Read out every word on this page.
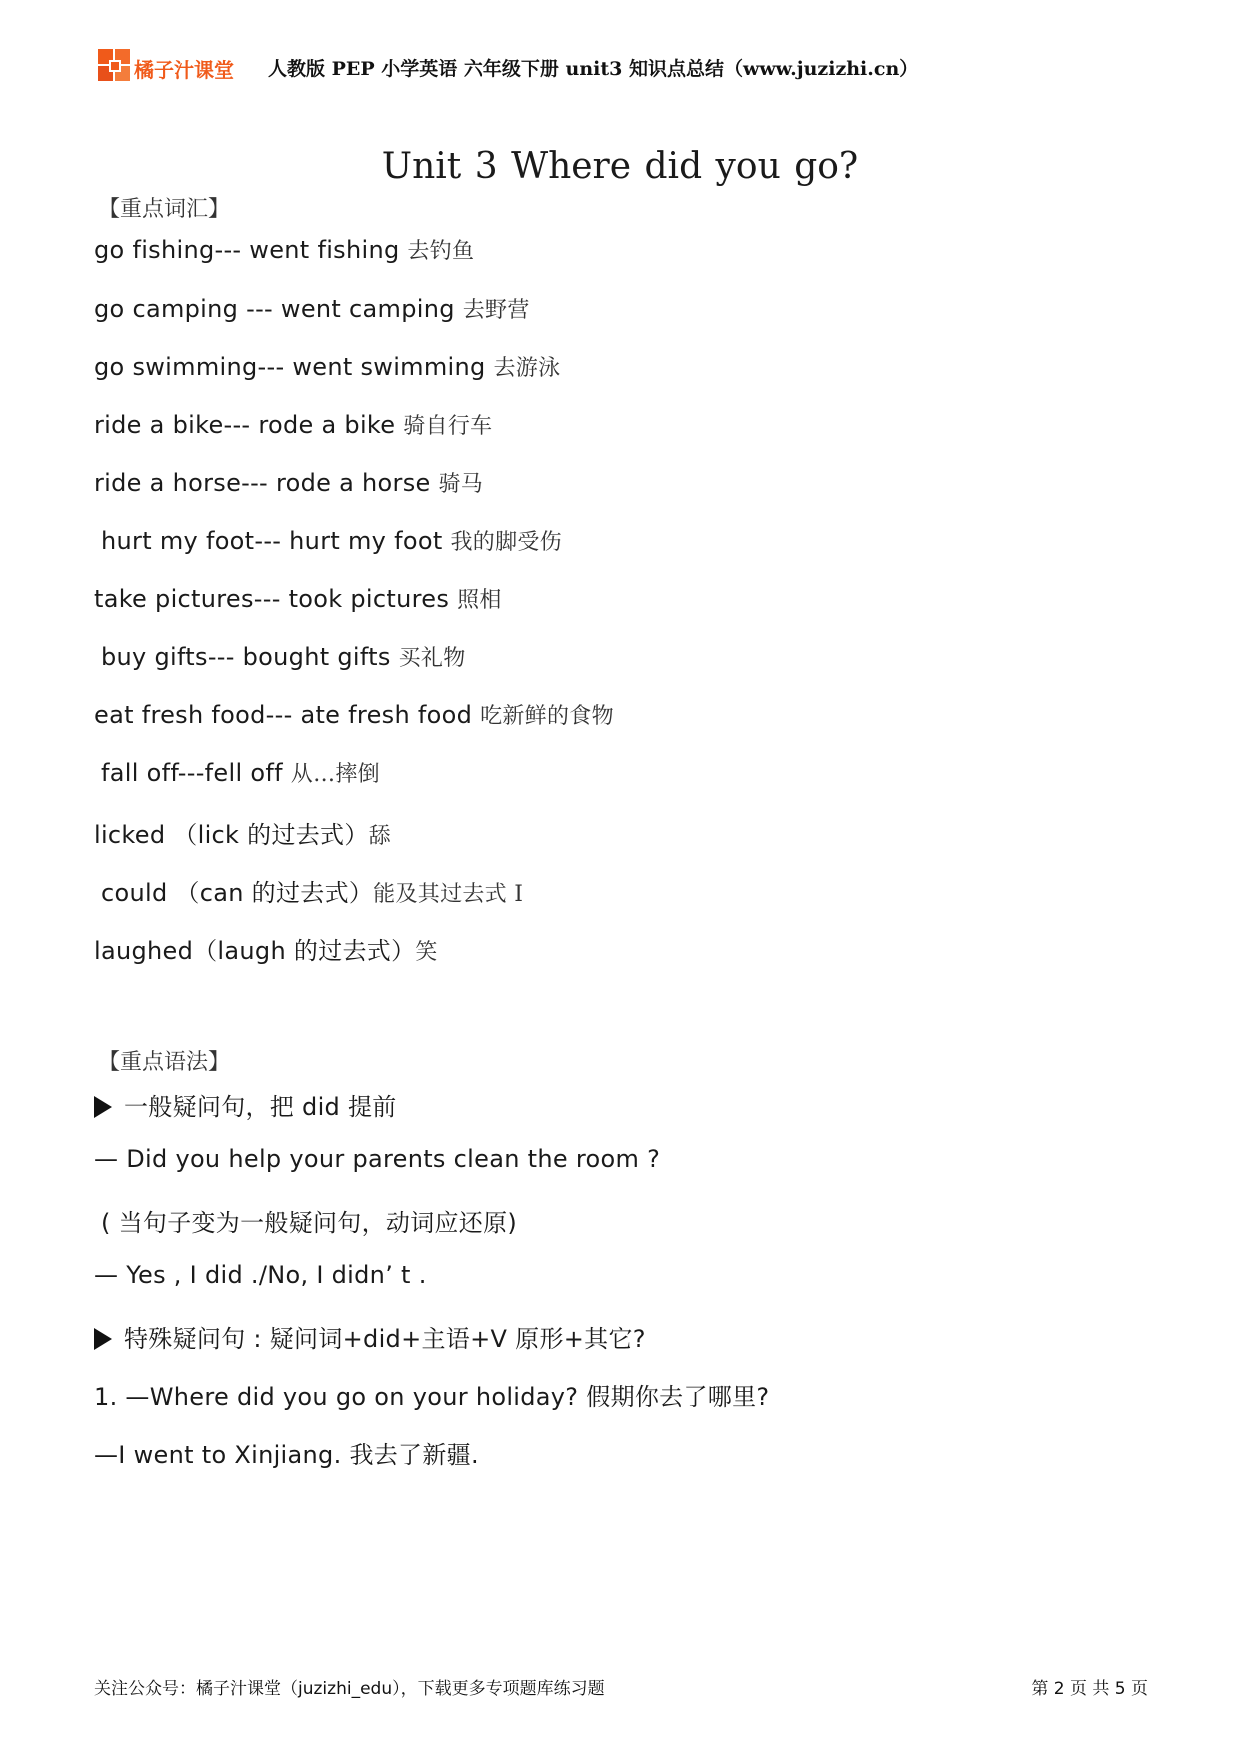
橘子汁课堂 人教版 PEP 小学英语 六年级下册 unit3 知识点总结（www.juzizhi.cn）
Unit 3 Where did you go?
【重点词汇】
go fishing--- went fishing 去钓鱼
go camping --- went camping 去野营
go swimming--- went swimming 去游泳
ride a bike--- rode a bike 骑自行车
ride a horse--- rode a horse 骑马
hurt my foot--- hurt my foot 我的脚受伤
take pictures--- took pictures 照相
buy gifts--- bought gifts 买礼物
eat fresh food--- ate fresh food 吃新鲜的食物
fall off---fell off 从…摔倒
licked （lick 的过去式）舔
could （can 的过去式）能及其过去式 I
laughed（laugh 的过去式）笑
【重点语法】
一般疑问句，把 did 提前
— Did you help your parents clean the room ?
( 当句子变为一般疑问句，动词应还原)
— Yes , I did ./No, I didn’ t .
特殊疑问句 : 疑问词+did+主语+V 原形+其它?
1. —Where did you go on your holiday? 假期你去了哪里?
—I went to Xinjiang. 我去了新疆.
关注公众号：橘子汁课堂（juzizhi_edu），下载更多专项题库练习题	第 2 页 共 5 页
